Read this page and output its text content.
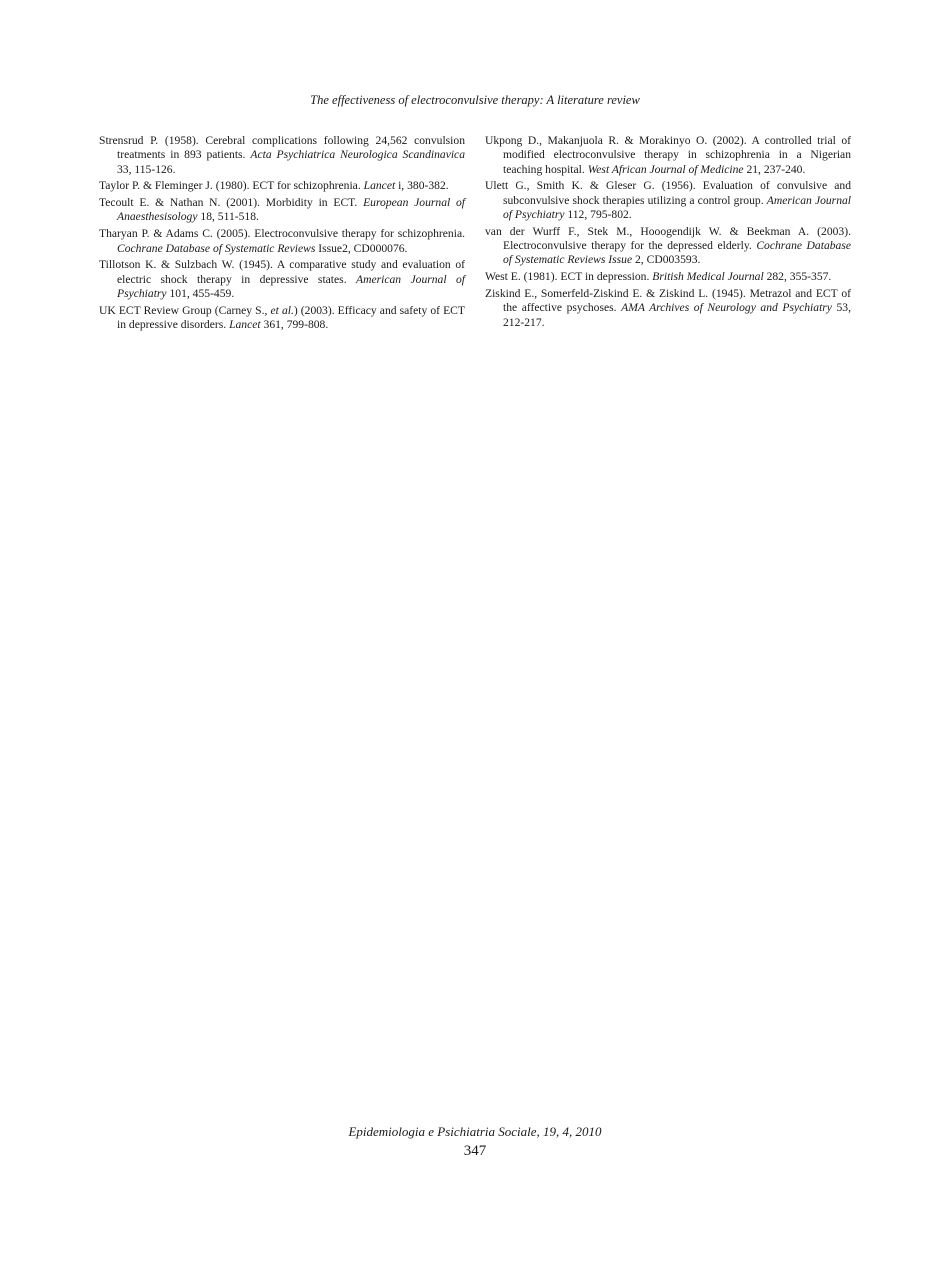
The effectiveness of electroconvulsive therapy: A literature review

Strensrud P. (1958). Cerebral complications following 24,562 convulsion treatments in 893 patients. Acta Psychiatrica Neurologica Scandinavica 33, 115-126.

Taylor P. & Fleminger J. (1980). ECT for schizophrenia. Lancet i, 380-382.

Tecoult E. & Nathan N. (2001). Morbidity in ECT. European Journal of Anaesthesisology 18, 511-518.

Tharyan P. & Adams C. (2005). Electroconvulsive therapy for schizophrenia. Cochrane Database of Systematic Reviews Issue2, CD000076.

Tillotson K. & Sulzbach W. (1945). A comparative study and evaluation of electric shock therapy in depressive states. American Journal of Psychiatry 101, 455-459.

UK ECT Review Group (Carney S., et al.) (2003). Efficacy and safety of ECT in depressive disorders. Lancet 361, 799-808.

Ukpong D., Makanjuola R. & Morakinyo O. (2002). A controlled trial of modified electroconvulsive therapy in schizophrenia in a Nigerian teaching hospital. West African Journal of Medicine 21, 237-240.

Ulett G., Smith K. & Gleser G. (1956). Evaluation of convulsive and subconvulsive shock therapies utilizing a control group. American Journal of Psychiatry 112, 795-802.

van der Wurff F., Stek M., Hooogendijk W. & Beekman A. (2003). Electroconvulsive therapy for the depressed elderly. Cochrane Database of Systematic Reviews Issue 2, CD003593.

West E. (1981). ECT in depression. British Medical Journal 282, 355-357.

Ziskind E., Somerfeld-Ziskind E. & Ziskind L. (1945). Metrazol and ECT of the affective psychoses. AMA Archives of Neurology and Psychiatry 53, 212-217.

Epidemiologia e Psichiatria Sociale, 19, 4, 2010
347
